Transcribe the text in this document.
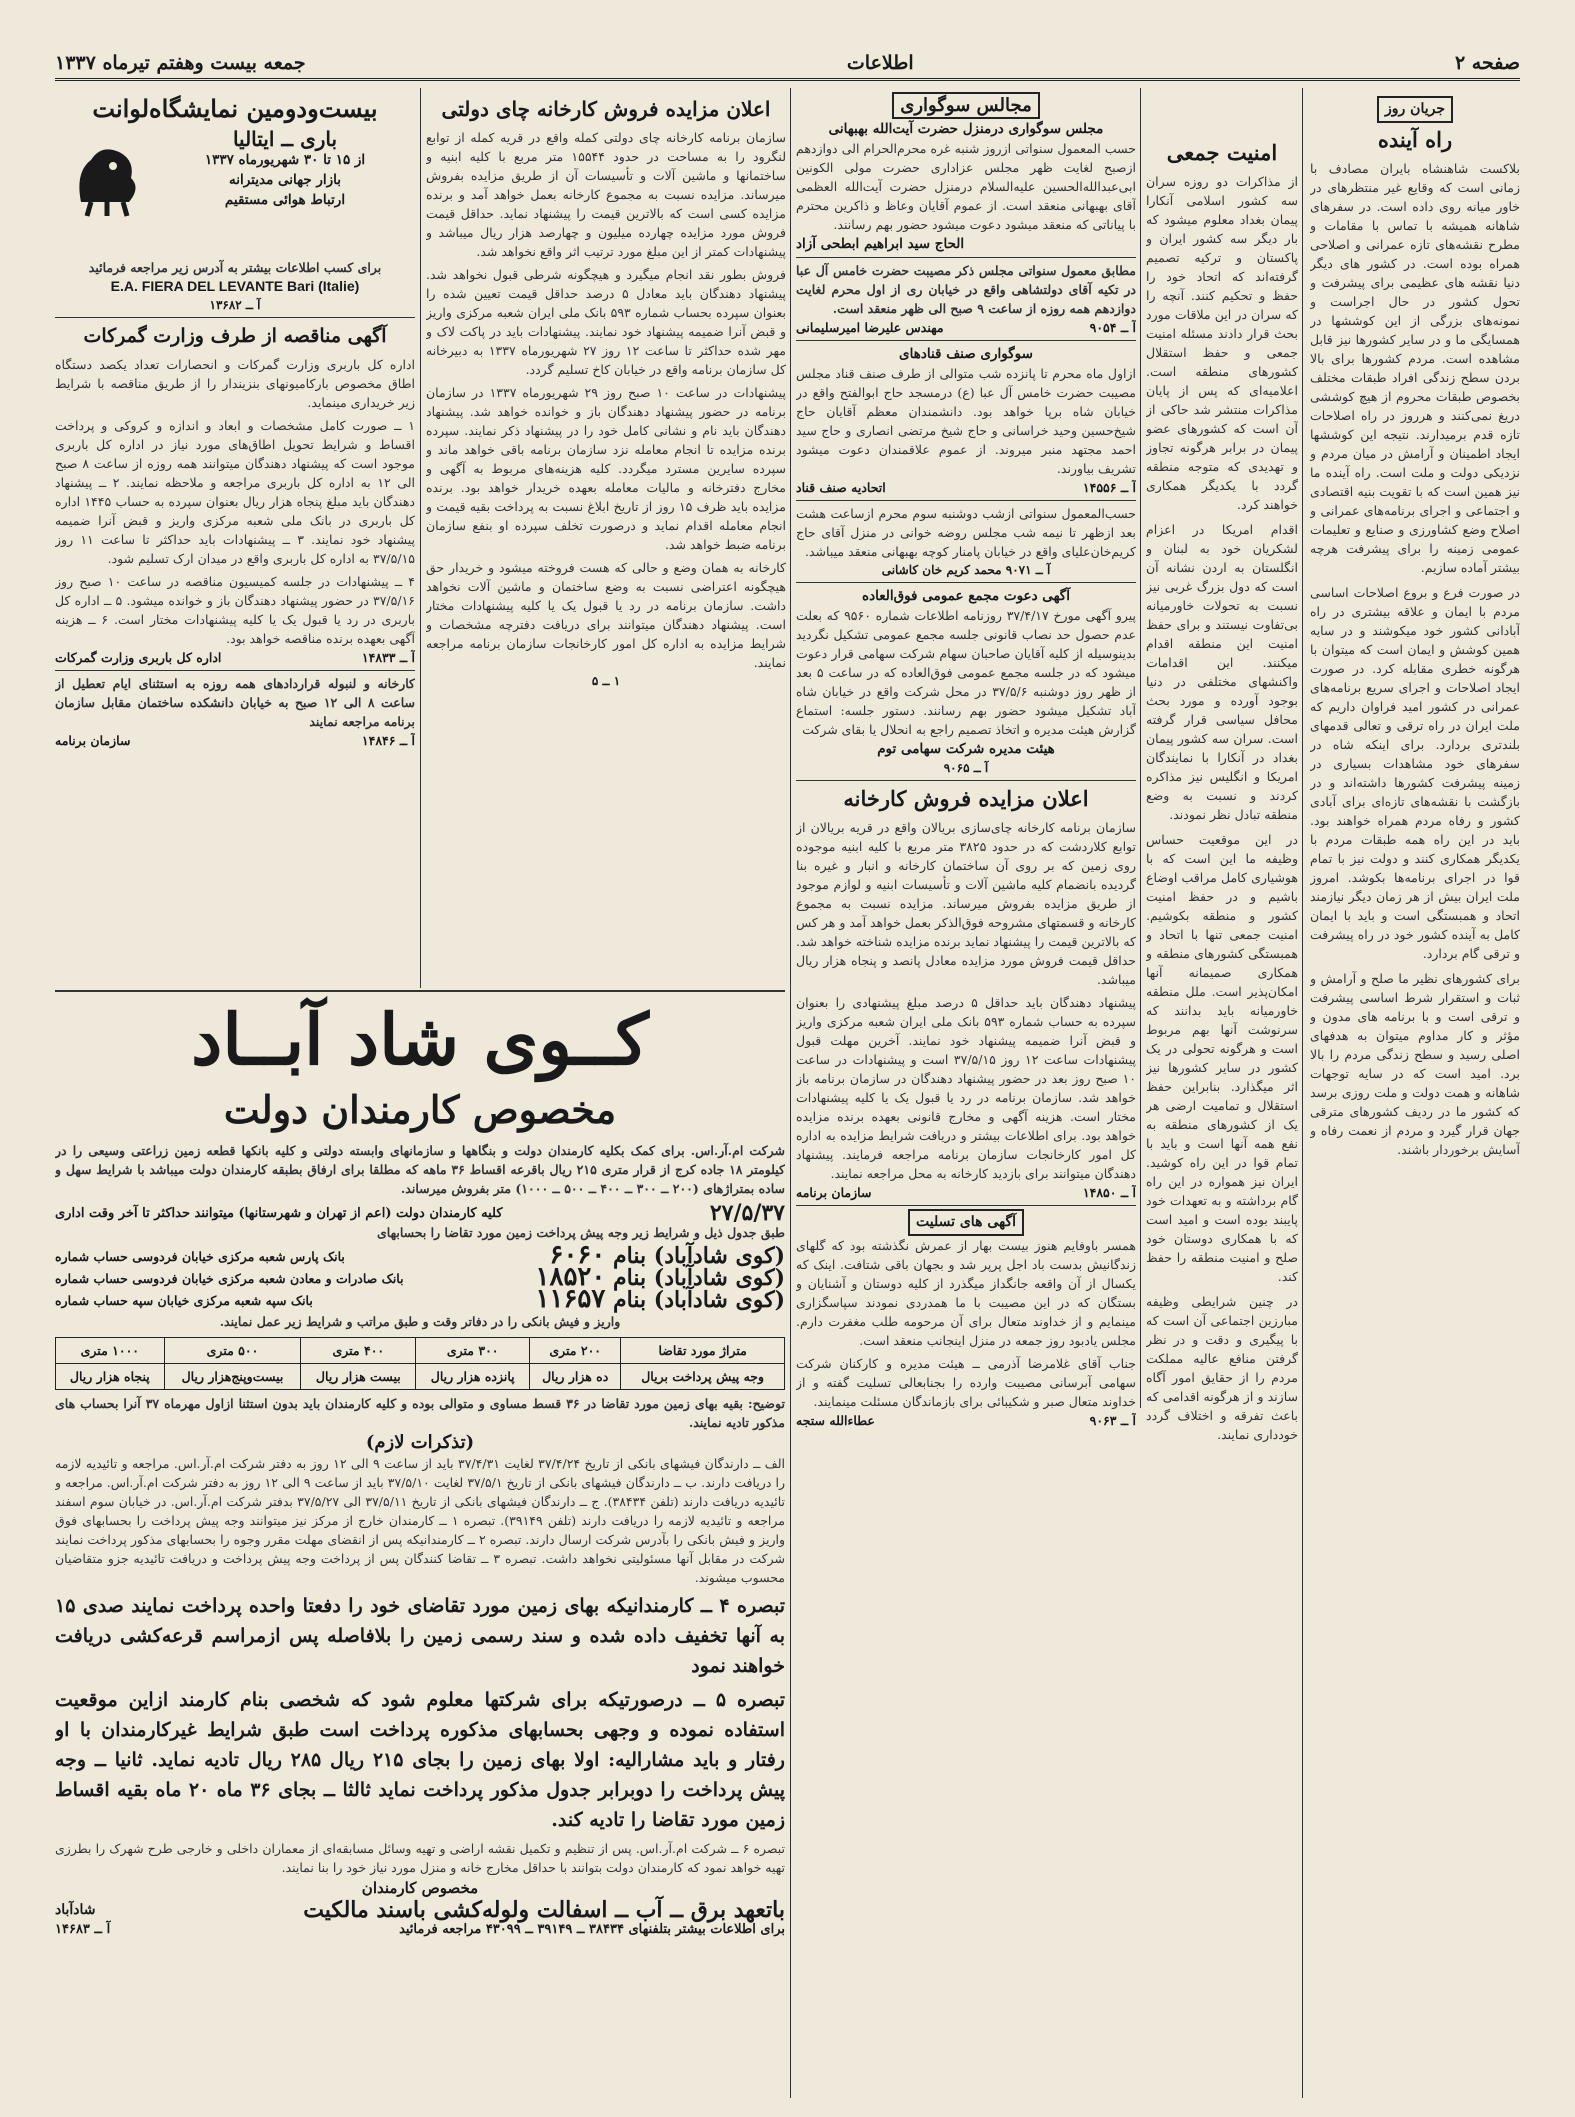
صفحه ۲
اطلاعات
جمعه بیست وهفتم تیرماه ۱۳۳۷
جریان روز
راه آینده
بلاکست شاهنشاه بایران مصادف با زمانی است که وقایع غیر منتظرهای در خاور میانه روی داده است. در سفرهای شاهانه همیشه با تماس با مقامات و مطرح نقشه‌های تازه عمرانی و اصلاحی همراه بوده است. در کشور های دیگر دنیا نقشه های عظیمی برای پیشرفت و تحول کشور در حال اجراست و نمونه‌های بزرگی از این کوششها در همسایگی ما و در سایر کشورها نیز قابل مشاهده است. مردم کشورها برای بالا بردن سطح زندگی افراد طبقات مختلف بخصوص طبقات محروم از هیچ کوششی دریغ نمی‌کنند و هرروز در راه اصلاحات تازه قدم برمیدارند. نتیجه این کوششها ایجاد اطمینان و آرامش در میان مردم و نزدیکی دولت و ملت است. راه آینده ما نیز همین است که با تقویت بنیه اقتصادی و اجتماعی و اجرای برنامه‌های عمرانی و اصلاح وضع کشاورزی و صنایع و تعلیمات عمومی زمینه را برای پیشرفت هرچه بیشتر آماده سازیم.
در صورت فرع و بروع اصلاحات اساسی مردم با ایمان و علاقه بیشتری در راه آبادانی کشور خود میکوشند و در سایه همین کوشش و ایمان است که میتوان با هرگونه خطری مقابله کرد. در صورت ایجاد اصلاحات و اجرای سریع برنامه‌های عمرانی در کشور امید فراوان داریم که ملت ایران در راه ترقی و تعالی قدمهای بلندتری بردارد. برای اینکه شاه در سفرهای خود مشاهدات بسیاری در زمینه پیشرفت کشورها داشته‌اند و در بازگشت با نقشه‌های تازه‌ای برای آبادی کشور و رفاه مردم همراه خواهند بود. باید در این راه همه طبقات مردم با یکدیگر همکاری کنند و دولت نیز با تمام قوا در اجرای برنامه‌ها بکوشد. امروز ملت ایران بیش از هر زمان دیگر نیازمند اتحاد و همبستگی است و باید با ایمان کامل به آینده کشور خود در راه پیشرفت و ترقی گام بردارد.
برای کشورهای نظیر ما صلح و آرامش و ثبات و استقرار شرط اساسی پیشرفت و ترقی است و با برنامه های مدون و مؤثر و کار مداوم میتوان به هدفهای اصلی رسید و سطح زندگی مردم را بالا برد. امید است که در سایه توجهات شاهانه و همت دولت و ملت روزی برسد که کشور ما در ردیف کشورهای مترقی جهان قرار گیرد و مردم از نعمت رفاه و آسایش برخوردار باشند.
امنیت جمعی
از مذاکرات دو روزه سران سه کشور اسلامی آنکارا پیمان بغداد معلوم میشود که بار دیگر سه کشور ایران و پاکستان و ترکیه تصمیم گرفته‌اند که اتحاد خود را حفظ و تحکیم کنند. آنچه را که سران در این ملاقات مورد بحث قرار دادند مسئله امنیت جمعی و حفظ استقلال کشورهای منطقه است. اعلامیه‌ای که پس از پایان مذاکرات منتشر شد حاکی از آن است که کشورهای عضو پیمان در برابر هرگونه تجاوز و تهدیدی که متوجه منطقه گردد با یکدیگر همکاری خواهند کرد.
اقدام امریکا در اعزام لشکریان خود به لبنان و انگلستان به اردن نشانه آن است که دول بزرگ غربی نیز نسبت به تحولات خاورمیانه بی‌تفاوت نیستند و برای حفظ امنیت این منطقه اقدام میکنند. این اقدامات واکنشهای مختلفی در دنیا بوجود آورده و مورد بحث محافل سیاسی قرار گرفته است. سران سه کشور پیمان بغداد در آنکارا با نمایندگان امریکا و انگلیس نیز مذاکره کردند و نسبت به وضع منطقه تبادل نظر نمودند.
در این موقعیت حساس وظیفه ما این است که با هوشیاری کامل مراقب اوضاع باشیم و در حفظ امنیت کشور و منطقه بکوشیم. امنیت جمعی تنها با اتحاد و همبستگی کشورهای منطقه و همکاری صمیمانه آنها امکان‌پذیر است. ملل منطقه خاورمیانه باید بدانند که سرنوشت آنها بهم مربوط است و هرگونه تحولی در یک کشور در سایر کشورها نیز اثر میگذارد. بنابراین حفظ استقلال و تمامیت ارضی هر یک از کشورهای منطقه به نفع همه آنها است و باید با تمام قوا در این راه کوشید. ایران نیز همواره در این راه گام برداشته و به تعهدات خود پایبند بوده است و امید است که با همکاری دوستان خود صلح و امنیت منطقه را حفظ کند.
در چنین شرایطی وظیفه مبارزین اجتماعی آن است که با پیگیری و دقت و در نظر گرفتن منافع عالیه مملکت مردم را از حقایق امور آگاه سازند و از هرگونه اقدامی که باعث تفرقه و اختلاف گردد خودداری نمایند.
مجالس سوگواری
مجلس سوگواری درمنزل حضرت آیت‌الله بهبهانی
حسب المعمول سنواتی ازروز شنبه غره محرم‌الحرام الی دوازدهم ازصبح لغایت ظهر مجلس عزاداری حضرت مولی الکونین ابی‌عبدالله‌الحسین علیه‌السلام درمنزل حضرت آیت‌الله العظمی آقای بهبهانی منعقد است. از عموم آقایان وعاظ و ذاکرین محترم با پیاناتی که منعقد میشود دعوت میشود حضور بهم رسانند.
الحاج سید ابراهیم ابطحی آزاد
مطابق معمول سنواتی مجلس ذکر مصیبت حضرت خامس آل عبا در تکیه آقای دولتشاهی واقع در خیابان ری از اول محرم لغایت دوازدهم همه روزه از ساعت ۹ صبح الی ظهر منعقد است.
آ ــ ۹۰۵۴
مهندس علیرضا امیرسلیمانی
سوگواری صنف قنادهای
ازاول ماه محرم تا پانزده شب متوالی از طرف صنف قناد مجلس مصیبت حضرت خامس آل عبا (ع) درمسجد حاج ابوالفتح واقع در خیابان شاه برپا خواهد بود. دانشمندان معظم آقایان حاج شیخ‌حسین وحید خراسانی و حاج شیخ مرتضی انصاری و حاج سید احمد مجتهد منبر میروند. از عموم علاقمندان دعوت میشود تشریف بیاورند.
آ ــ ۱۴۵۵۶
اتحادیه صنف قناد
حسب‌المعمول سنواتی ازشب دوشنبه سوم محرم ازساعت هشت بعد ازظهر تا نیمه شب مجلس روضه خوانی در منزل آقای حاج کریم‌خان‌علیای واقع در خیابان پامنار کوچه بهبهانی منعقد میباشد.
آ ــ ۹۰۷۱ محمد کریم خان کاشانی
آگهی دعوت مجمع عمومی فوق‌العاده
پیرو آگهی مورخ ۳۷/۴/۱۷ روزنامه اطلاعات شماره ۹۵۶۰ که بعلت عدم حصول حد نصاب قانونی جلسه مجمع عمومی تشکیل نگردید بدینوسیله از کلیه آقایان صاحبان سهام شرکت سهامی قرار دعوت میشود که در جلسه مجمع عمومی فوق‌العاده که در ساعت ۵ بعد از ظهر روز دوشنبه ۳۷/۵/۶ در محل شرکت واقع در خیابان شاه آباد تشکیل میشود حضور بهم رسانند. دستور جلسه: استماع گزارش هیئت مدیره و اتخاذ تصمیم راجع به انحلال یا بقای شرکت
هیئت مدیره شرکت سهامی توم
آ ــ ۹۰۶۵
اعلان مزایده فروش کارخانه
سازمان برنامه کارخانه چای‌سازی بریالان واقع در قریه بریالان از توابع کلاردشت که در حدود ۳۸۲۵ متر مربع با کلیه ابنیه موجوده روی زمین که بر روی آن ساختمان کارخانه و انبار و غیره بنا گردیده بانضمام کلیه ماشین آلات و تأسیسات ابنیه و لوازم موجود از طریق مزایده بفروش میرساند. مزایده نسبت به مجموع کارخانه و قسمتهای مشروحه فوق‌الذکر بعمل خواهد آمد و هر کس که بالاترین قیمت را پیشنهاد نماید برنده مزایده شناخته خواهد شد. حداقل قیمت فروش مورد مزایده معادل پانصد و پنجاه هزار ریال میباشد.
پیشنهاد دهندگان باید حداقل ۵ درصد مبلغ پیشنهادی را بعنوان سپرده به حساب شماره ۵۹۳ بانک ملی ایران شعبه مرکزی واریز و قبض آنرا ضمیمه پیشنهاد خود نمایند. آخرین مهلت قبول پیشنهادات ساعت ۱۲ روز ۳۷/۵/۱۵ است و پیشنهادات در ساعت ۱۰ صبح روز بعد در حضور پیشنهاد دهندگان در سازمان برنامه باز خواهد شد. سازمان برنامه در رد یا قبول یک یا کلیه پیشنهادات مختار است. هزینه آگهی و مخارج قانونی بعهده برنده مزایده خواهد بود. برای اطلاعات بیشتر و دریافت شرایط مزایده به اداره کل امور کارخانجات سازمان برنامه مراجعه فرمایند. پیشنهاد دهندگان میتوانند برای بازدید کارخانه به محل مراجعه نمایند.
آ ــ ۱۴۸۵۰
سازمان برنامه
آگهی های تسلیت
همسر باوفایم هنوز بیست بهار از عمرش نگذشته بود که گلهای زندگانیش بدست باد اجل پرپر شد و بجهان باقی شتافت. اینک که یکسال از آن واقعه جانگداز میگذرد از کلیه دوستان و آشنایان و بستگان که در این مصیبت با ما همدردی نمودند سپاسگزاری مینمایم و از خداوند متعال برای آن مرحومه طلب مغفرت دارم. مجلس یادبود روز جمعه در منزل اینجانب منعقد است.
جناب آقای غلامرضا آذرمی ــ هیئت مدیره و کارکنان شرکت سهامی آبرسانی مصیبت وارده را بجنابعالی تسلیت گفته و از خداوند متعال صبر و شکیبائی برای بازماندگان مسئلت مینمایند.
آ ــ ۹۰۶۳
عطاءالله ستجه
اعلان مزایده فروش کارخانه چای دولتی
سازمان برنامه کارخانه چای دولتی کمله واقع در قریه کمله از توابع لنگرود را به مساحت در حدود ۱۵۵۴۴ متر مربع با کلیه ابنیه و ساختمانها و ماشین آلات و تأسیسات آن از طریق مزایده بفروش میرساند. مزایده نسبت به مجموع کارخانه بعمل خواهد آمد و برنده مزایده کسی است که بالاترین قیمت را پیشنهاد نماید. حداقل قیمت فروش مورد مزایده چهارده میلیون و چهارصد هزار ریال میباشد و پیشنهادات کمتر از این مبلغ مورد ترتیب اثر واقع نخواهد شد.
فروش بطور نقد انجام میگیرد و هیچگونه شرطی قبول نخواهد شد. پیشنهاد دهندگان باید معادل ۵ درصد حداقل قیمت تعیین شده را بعنوان سپرده بحساب شماره ۵۹۳ بانک ملی ایران شعبه مرکزی واریز و قبض آنرا ضمیمه پیشنهاد خود نمایند. پیشنهادات باید در پاکت لاک و مهر شده حداکثر تا ساعت ۱۲ روز ۲۷ شهریورماه ۱۳۳۷ به دبیرخانه کل سازمان برنامه واقع در خیابان کاخ تسلیم گردد.
پیشنهادات در ساعت ۱۰ صبح روز ۲۹ شهریورماه ۱۳۳۷ در سازمان برنامه در حضور پیشنهاد دهندگان باز و خوانده خواهد شد. پیشنهاد دهندگان باید نام و نشانی کامل خود را در پیشنهاد ذکر نمایند. سپرده برنده مزایده تا انجام معامله نزد سازمان برنامه باقی خواهد ماند و سپرده سایرین مسترد میگردد. کلیه هزینه‌های مربوط به آگهی و مخارج دفترخانه و مالیات معامله بعهده خریدار خواهد بود. برنده مزایده باید ظرف ۱۵ روز از تاریخ ابلاغ نسبت به پرداخت بقیه قیمت و انجام معامله اقدام نماید و درصورت تخلف سپرده او بنفع سازمان برنامه ضبط خواهد شد.
کارخانه به همان وضع و حالی که هست فروخته میشود و خریدار حق هیچگونه اعتراضی نسبت به وضع ساختمان و ماشین آلات نخواهد داشت. سازمان برنامه در رد یا قبول یک یا کلیه پیشنهادات مختار است. پیشنهاد دهندگان میتوانند برای دریافت دفترچه مشخصات و شرایط مزایده به اداره کل امور کارخانجات سازمان برنامه مراجعه نمایند.
۱ ــ ۵
بیست‌ودومین نمایشگاه‌لوانت
باری ــ ایتالیا
از ۱۵ تا ۳۰ شهریورماه ۱۳۳۷
بازار جهانی مدیترانه
ارتباط هوائی مستقیم
برای کسب اطلاعات بیشتر به آدرس زیر مراجعه فرمائید
E.A. FIERA DEL LEVANTE Bari (Italie)
آ ــ ۱۳۶۸۲
آگهی مناقصه از طرف وزارت گمرکات
اداره کل باربری وزارت گمرکات و انحصارات تعداد یکصد دستگاه اطاق مخصوص بارکامیونهای بنزیندار را از طریق مناقصه با شرایط زیر خریداری مینماید.
۱ ــ صورت کامل مشخصات و ابعاد و اندازه و کروکی و پرداخت اقساط و شرایط تحویل اطاق‌های مورد نیاز در اداره کل باربری موجود است که پیشنهاد دهندگان میتوانند همه روزه از ساعت ۸ صبح الی ۱۲ به اداره کل باربری مراجعه و ملاحظه نمایند. ۲ ــ پیشنهاد دهندگان باید مبلغ پنجاه هزار ریال بعنوان سپرده به حساب ۱۴۴۵ اداره کل باربری در بانک ملی شعبه مرکزی واریز و قبض آنرا ضمیمه پیشنهاد خود نمایند. ۳ ــ پیشنهادات باید حداکثر تا ساعت ۱۱ روز ۳۷/۵/۱۵ به اداره کل باربری واقع در میدان ارک تسلیم شود.
۴ ــ پیشنهادات در جلسه کمیسیون مناقصه در ساعت ۱۰ صبح روز ۳۷/۵/۱۶ در حضور پیشنهاد دهندگان باز و خوانده میشود. ۵ ــ اداره کل باربری در رد یا قبول یک یا کلیه پیشنهادات مختار است. ۶ ــ هزینه آگهی بعهده برنده مناقصه خواهد بود.
آ ــ ۱۴۸۳۳
اداره کل باربری وزارت گمرکات
کارخانه و لنبوله قراردادهای همه روزه به استثنای ایام تعطیل از ساعت ۸ الی ۱۲ صبح به خیابان دانشکده ساختمان مقابل سازمان برنامه مراجعه نمایند
آ ــ ۱۴۸۴۶
سازمان برنامه
کــوی شاد آبــاد
مخصوص کارمندان دولت
شرکت ام.آر.اس. برای کمک بکلیه کارمندان دولت و بنگاهها و سازمانهای وابسته دولتی و کلیه بانکها قطعه زمین زراعتی وسیعی را در کیلومتر ۱۸ جاده کرج از قرار متری ۲۱۵ ریال باقرعه اقساط ۳۶ ماهه که مطلقا برای ارفاق بطبقه کارمندان دولت میباشد با شرایط سهل و ساده بمتراژهای (۲۰۰ ــ ۳۰۰ ــ ۴۰۰ ــ ۵۰۰ ــ ۱۰۰۰) متر بفروش میرساند.
۲۷/۵/۳۷
کلیه کارمندان دولت (اعم از تهران و شهرستانها) میتوانند حداکثر تا آخر وقت اداری
طبق جدول ذیل و شرایط زیر وجه پیش پرداخت زمین مورد تقاضا را بحسابهای
(کوی شادآباد) بنام ۶۰۶۰
بانک پارس شعبه مرکزی خیابان فردوسی حساب شماره
(کوی شادآباد) بنام ۱۸۵۲۰
بانک صادرات و معادن شعبه مرکزی خیابان فردوسی حساب شماره
(کوی شادآباد) بنام ۱۱۶۵۷
بانک سپه شعبه مرکزی خیابان سپه حساب شماره
واریز و فیش بانکی را در دفاتر وقت و طبق مراتب و شرایط زیر عمل نمایند.
متراژ مورد تقاضا	۲۰۰ متری	۳۰۰ متری	۴۰۰ متری	۵۰۰ متری	۱۰۰۰ متری
وجه پیش پرداخت بریال	ده هزار ریال	پانزده هزار ریال	بیست هزار ریال	بیست‌وپنج‌هزار ریال	پنجاه هزار ریال
توضیح: بقیه بهای زمین مورد تقاضا در ۳۶ قسط مساوی و متوالی بوده و کلیه کارمندان باید بدون استثنا ازاول مهرماه ۳۷ آنرا بحساب های مذکور تادیه نمایند.
(تذکرات لازم)
الف ــ دارندگان فیشهای بانکی از تاریخ ۳۷/۴/۲۴ لغایت ۳۷/۴/۳۱ باید از ساعت ۹ الی ۱۲ روز به دفتر شرکت ام.آر.اس. مراجعه و تائیدیه لازمه را دریافت دارند. ب ــ دارندگان فیشهای بانکی از تاریخ ۳۷/۵/۱ لغایت ۳۷/۵/۱۰ باید از ساعت ۹ الی ۱۲ روز به دفتر شرکت ام.آر.اس. مراجعه و تائیدیه دریافت دارند (تلفن ۳۸۴۳۴). ج ــ دارندگان فیشهای بانکی از تاریخ ۳۷/۵/۱۱ الی ۳۷/۵/۲۷ بدفتر شرکت ام.آر.اس. در خیابان سوم اسفند مراجعه و تائیدیه لازمه را دریافت دارند (تلفن ۳۹۱۴۹). تبصره ۱ ــ کارمندان خارج از مرکز نیز میتوانند وجه پیش پرداخت را بحسابهای فوق واریز و فیش بانکی را بآدرس شرکت ارسال دارند. تبصره ۲ ــ کارمندانیکه پس از انقضای مهلت مقرر وجوه را بحسابهای مذکور پرداخت نمایند شرکت در مقابل آنها مسئولیتی نخواهد داشت. تبصره ۳ ــ تقاضا کنندگان پس از پرداخت وجه پیش پرداخت و دریافت تائیدیه جزو متقاضیان محسوب میشوند.
تبصره ۴ ــ کارمندانیکه بهای زمین مورد تقاضای خود را دفعتا واحده پرداخت نمایند صدی ۱۵ به آنها تخفیف داده شده و سند رسمی زمین را بلافاصله پس ازمراسم قرعه‌کشی دریافت خواهند نمود
تبصره ۵ ــ درصورتیکه برای شرکتها معلوم شود که شخصی بنام کارمند ازاین موقعیت استفاده نموده و وجهی بحسابهای مذکوره پرداخت است طبق شرایط غیرکارمندان با او رفتار و باید مشارالیه: اولا بهای زمین را بجای ۲۱۵ ریال ۲۸۵ ریال تادیه نماید. ثانیا ــ وجه پیش پرداخت را دوبرابر جدول مذکور پرداخت نماید ثالثا ــ بجای ۳۶ ماه ۲۰ ماه بقیه اقساط زمین مورد تقاضا را تادیه کند.
تبصره ۶ ــ شرکت ام.آر.اس. پس از تنظیم و تکمیل نقشه اراضی و تهیه وسائل مسابقه‌ای از معماران داخلی و خارجی طرح شهرک را بطرزی تهیه خواهد نمود که کارمندان دولت بتوانند با حداقل مخارج خانه و منزل مورد نیاز خود را بنا نمایند.
مخصوص کارمندان
باتعهد برق ــ آب ــ اسفالت ولوله‌کشی باسند مالکیت
شادآباد
برای اطلاعات بیشتر بتلفنهای ۳۸۴۳۴ ــ ۳۹۱۴۹ ــ ۴۳۰۹۹ مراجعه فرمائید
آ ــ ۱۴۶۸۳
